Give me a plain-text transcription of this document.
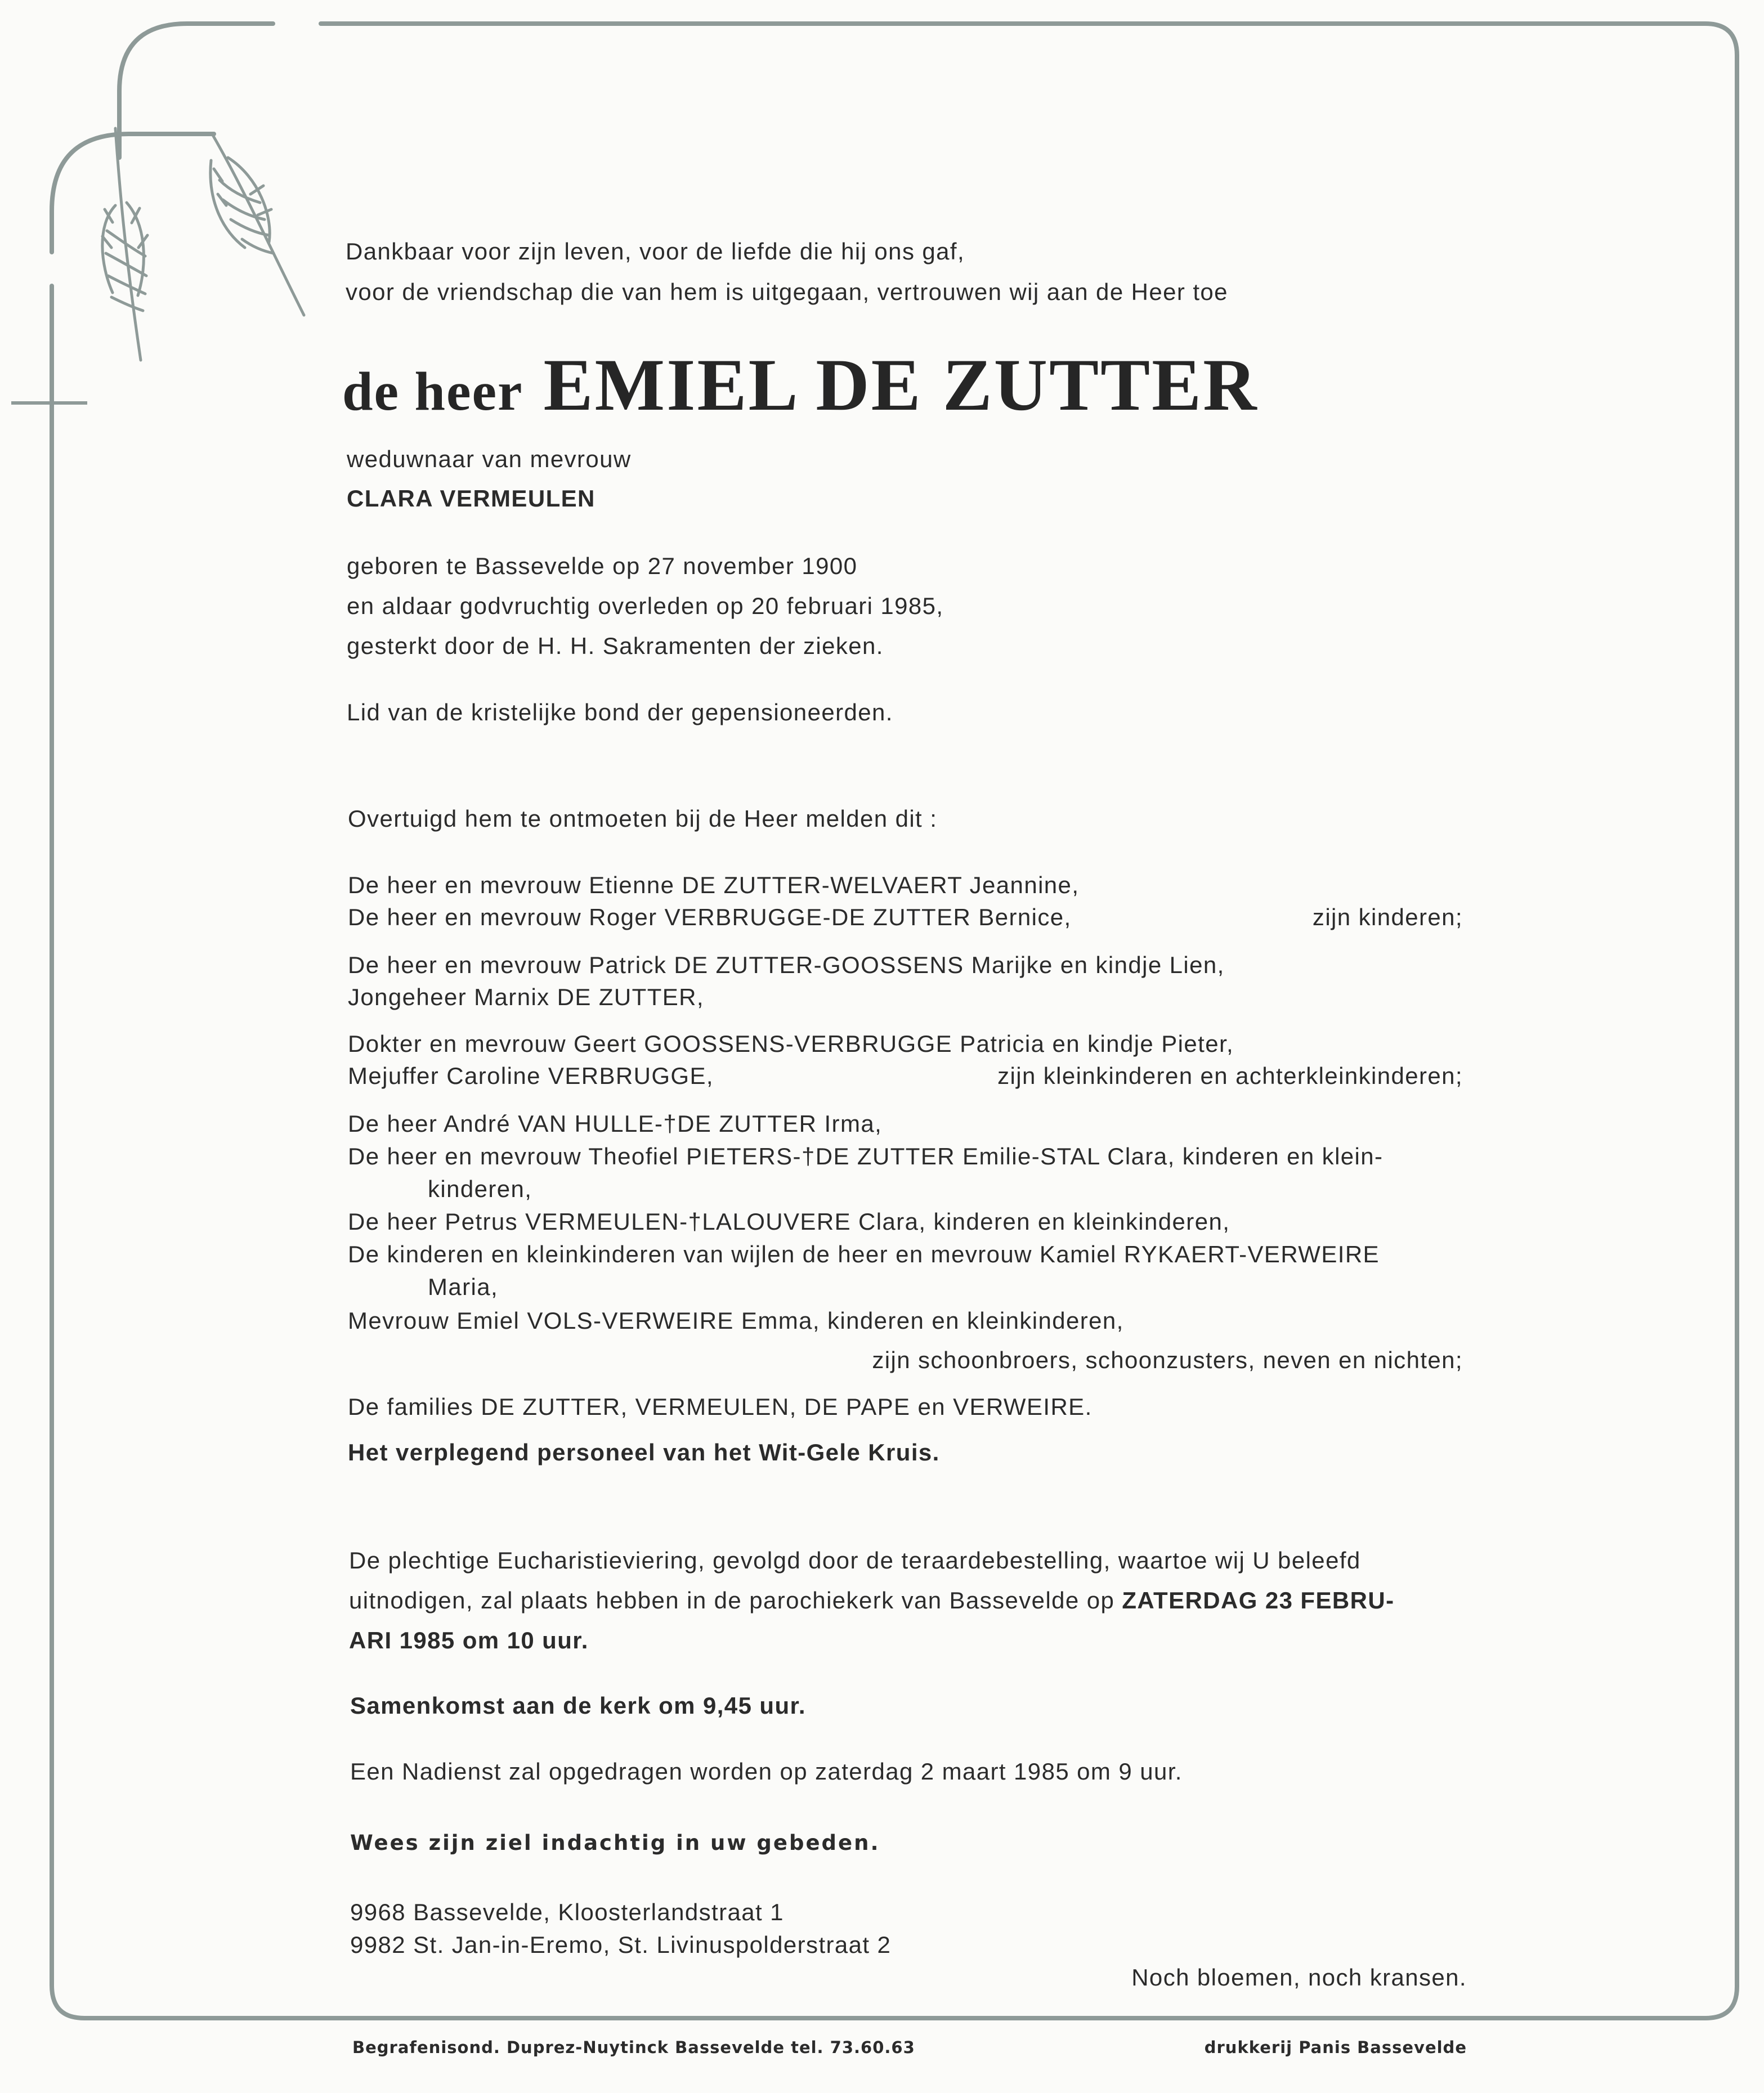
Dankbaar voor zijn leven, voor de liefde die hij ons gaf,
voor de vriendschap die van hem is uitgegaan, vertrouwen wij aan de Heer toe
de heer EMIEL DE ZUTTER
weduwnaar van mevrouw
CLARA VERMEULEN
geboren te Bassevelde op 27 november 1900
en aldaar godvruchtig overleden op 20 februari 1985,
gesterkt door de H. H. Sakramenten der zieken.
Lid van de kristelijke bond der gepensioneerden.
Overtuigd hem te ontmoeten bij de Heer melden dit :
De heer en mevrouw Etienne DE ZUTTER-WELVAERT Jeannine,
De heer en mevrouw Roger VERBRUGGE-DE ZUTTER Bernice,	zijn kinderen;
De heer en mevrouw Patrick DE ZUTTER-GOOSSENS Marijke en kindje Lien,
Jongeheer Marnix DE ZUTTER,
Dokter en mevrouw Geert GOOSSENS-VERBRUGGE Patricia en kindje Pieter,
Mejuffer Caroline VERBRUGGE,	zijn kleinkinderen en achterkleinkinderen;
De heer André VAN HULLE-†DE ZUTTER Irma,
De heer en mevrouw Theofiel PIETERS-†DE ZUTTER Emilie-STAL Clara, kinderen en klein-
kinderen,
De heer Petrus VERMEULEN-†LALOUVERE Clara, kinderen en kleinkinderen,
De kinderen en kleinkinderen van wijlen de heer en mevrouw Kamiel RYKAERT-VERWEIRE
Maria,
Mevrouw Emiel VOLS-VERWEIRE Emma, kinderen en kleinkinderen,
zijn schoonbroers, schoonzusters, neven en nichten;
De families DE ZUTTER, VERMEULEN, DE PAPE en VERWEIRE.
Het verplegend personeel van het Wit-Gele Kruis.
De plechtige Eucharistieviering, gevolgd door de teraardebestelling, waartoe wij U beleefd
uitnodigen, zal plaats hebben in de parochiekerk van Bassevelde op ZATERDAG 23 FEBRU-
ARI 1985 om 10 uur.
Samenkomst aan de kerk om 9,45 uur.
Een Nadienst zal opgedragen worden op zaterdag 2 maart 1985 om 9 uur.
Wees zijn ziel indachtig in uw gebeden.
9968 Bassevelde, Kloosterlandstraat 1
9982 St. Jan-in-Eremo, St. Livinuspolderstraat 2
Noch bloemen, noch kransen.
Begrafenisond. Duprez-Nuytinck Bassevelde tel. 73.60.63	drukkerij Panis Bassevelde
